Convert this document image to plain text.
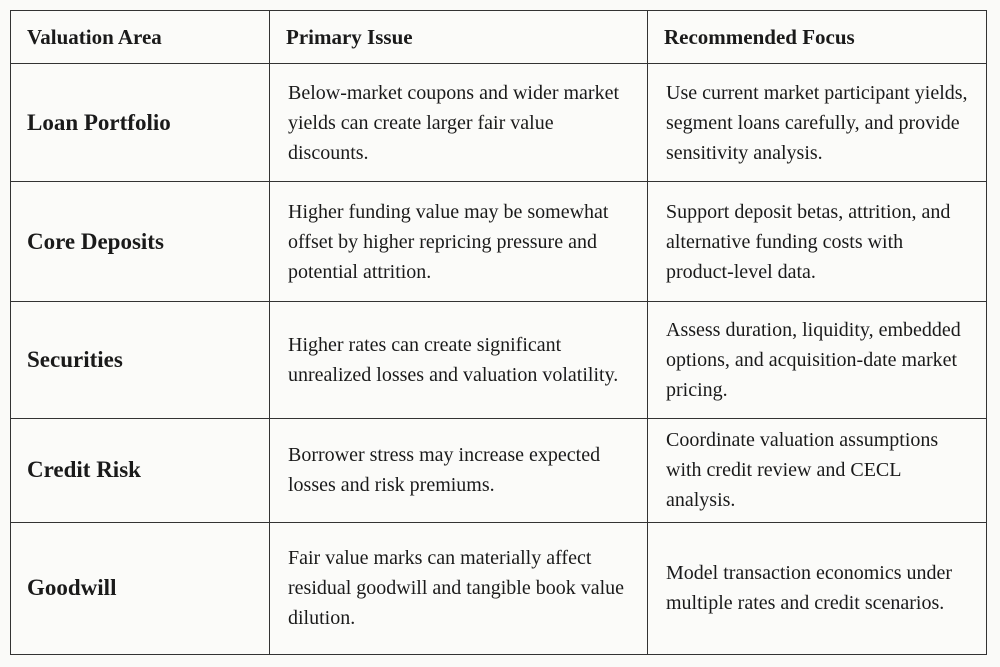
Valuation Area	Primary Issue	Recommended Focus
Loan Portfolio	Below-market coupons and wider market yields can create larger fair value discounts.	Use current market participant yields, segment loans carefully, and provide sensitivity analysis.
Core Deposits	Higher funding value may be somewhat offset by higher repricing pressure and potential attrition.	Support deposit betas, attrition, and alternative funding costs with product-level data.
Securities	Higher rates can create significant unrealized losses and valuation volatility.	Assess duration, liquidity, embedded options, and acquisition-date market pricing.
Credit Risk	Borrower stress may increase expected losses and risk premiums.	Coordinate valuation assumptions with credit review and CECL analysis.
Goodwill	Fair value marks can materially affect residual goodwill and tangible book value dilution.	Model transaction economics under multiple rates and credit scenarios.
